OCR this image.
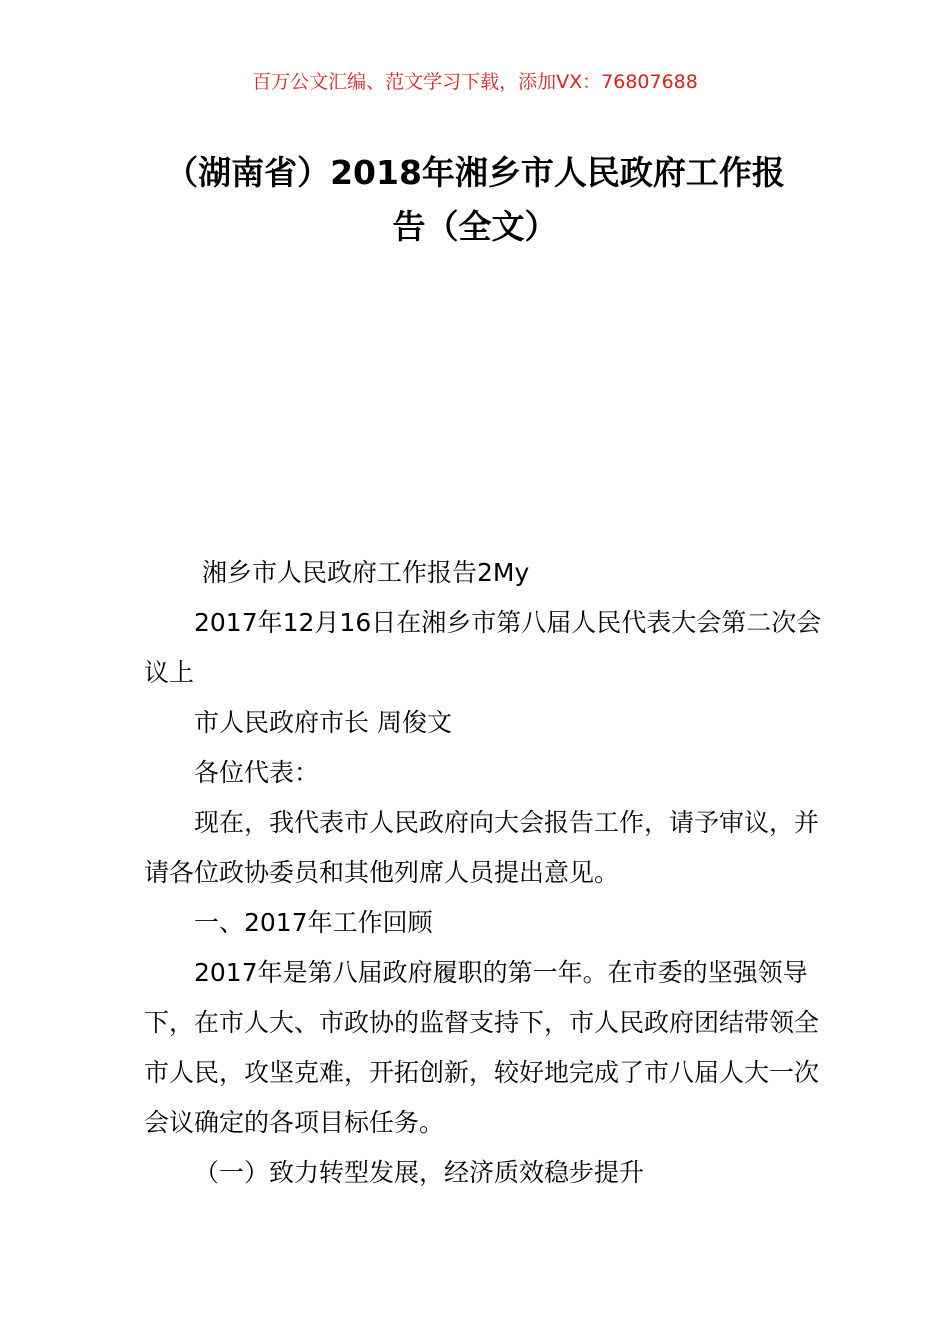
百万公文汇编、范文学习下载，添加VX：76807688
（湖南省）2018年湘乡市人民政府工作报
告（全文）

湘乡市人民政府工作报告2My

2017年12月16日在湘乡市第八届人民代表大会第二次会议上

市人民政府市长 周俊文

各位代表：

现在，我代表市人民政府向大会报告工作，请予审议，并请各位政协委员和其他列席人员提出意见。

一、2017年工作回顾

2017年是第八届政府履职的第一年。在市委的坚强领导下，在市人大、市政协的监督支持下，市人民政府团结带领全市人民，攻坚克难，开拓创新，较好地完成了市八届人大一次会议确定的各项目标任务。

（一）致力转型发展，经济质效稳步提升
